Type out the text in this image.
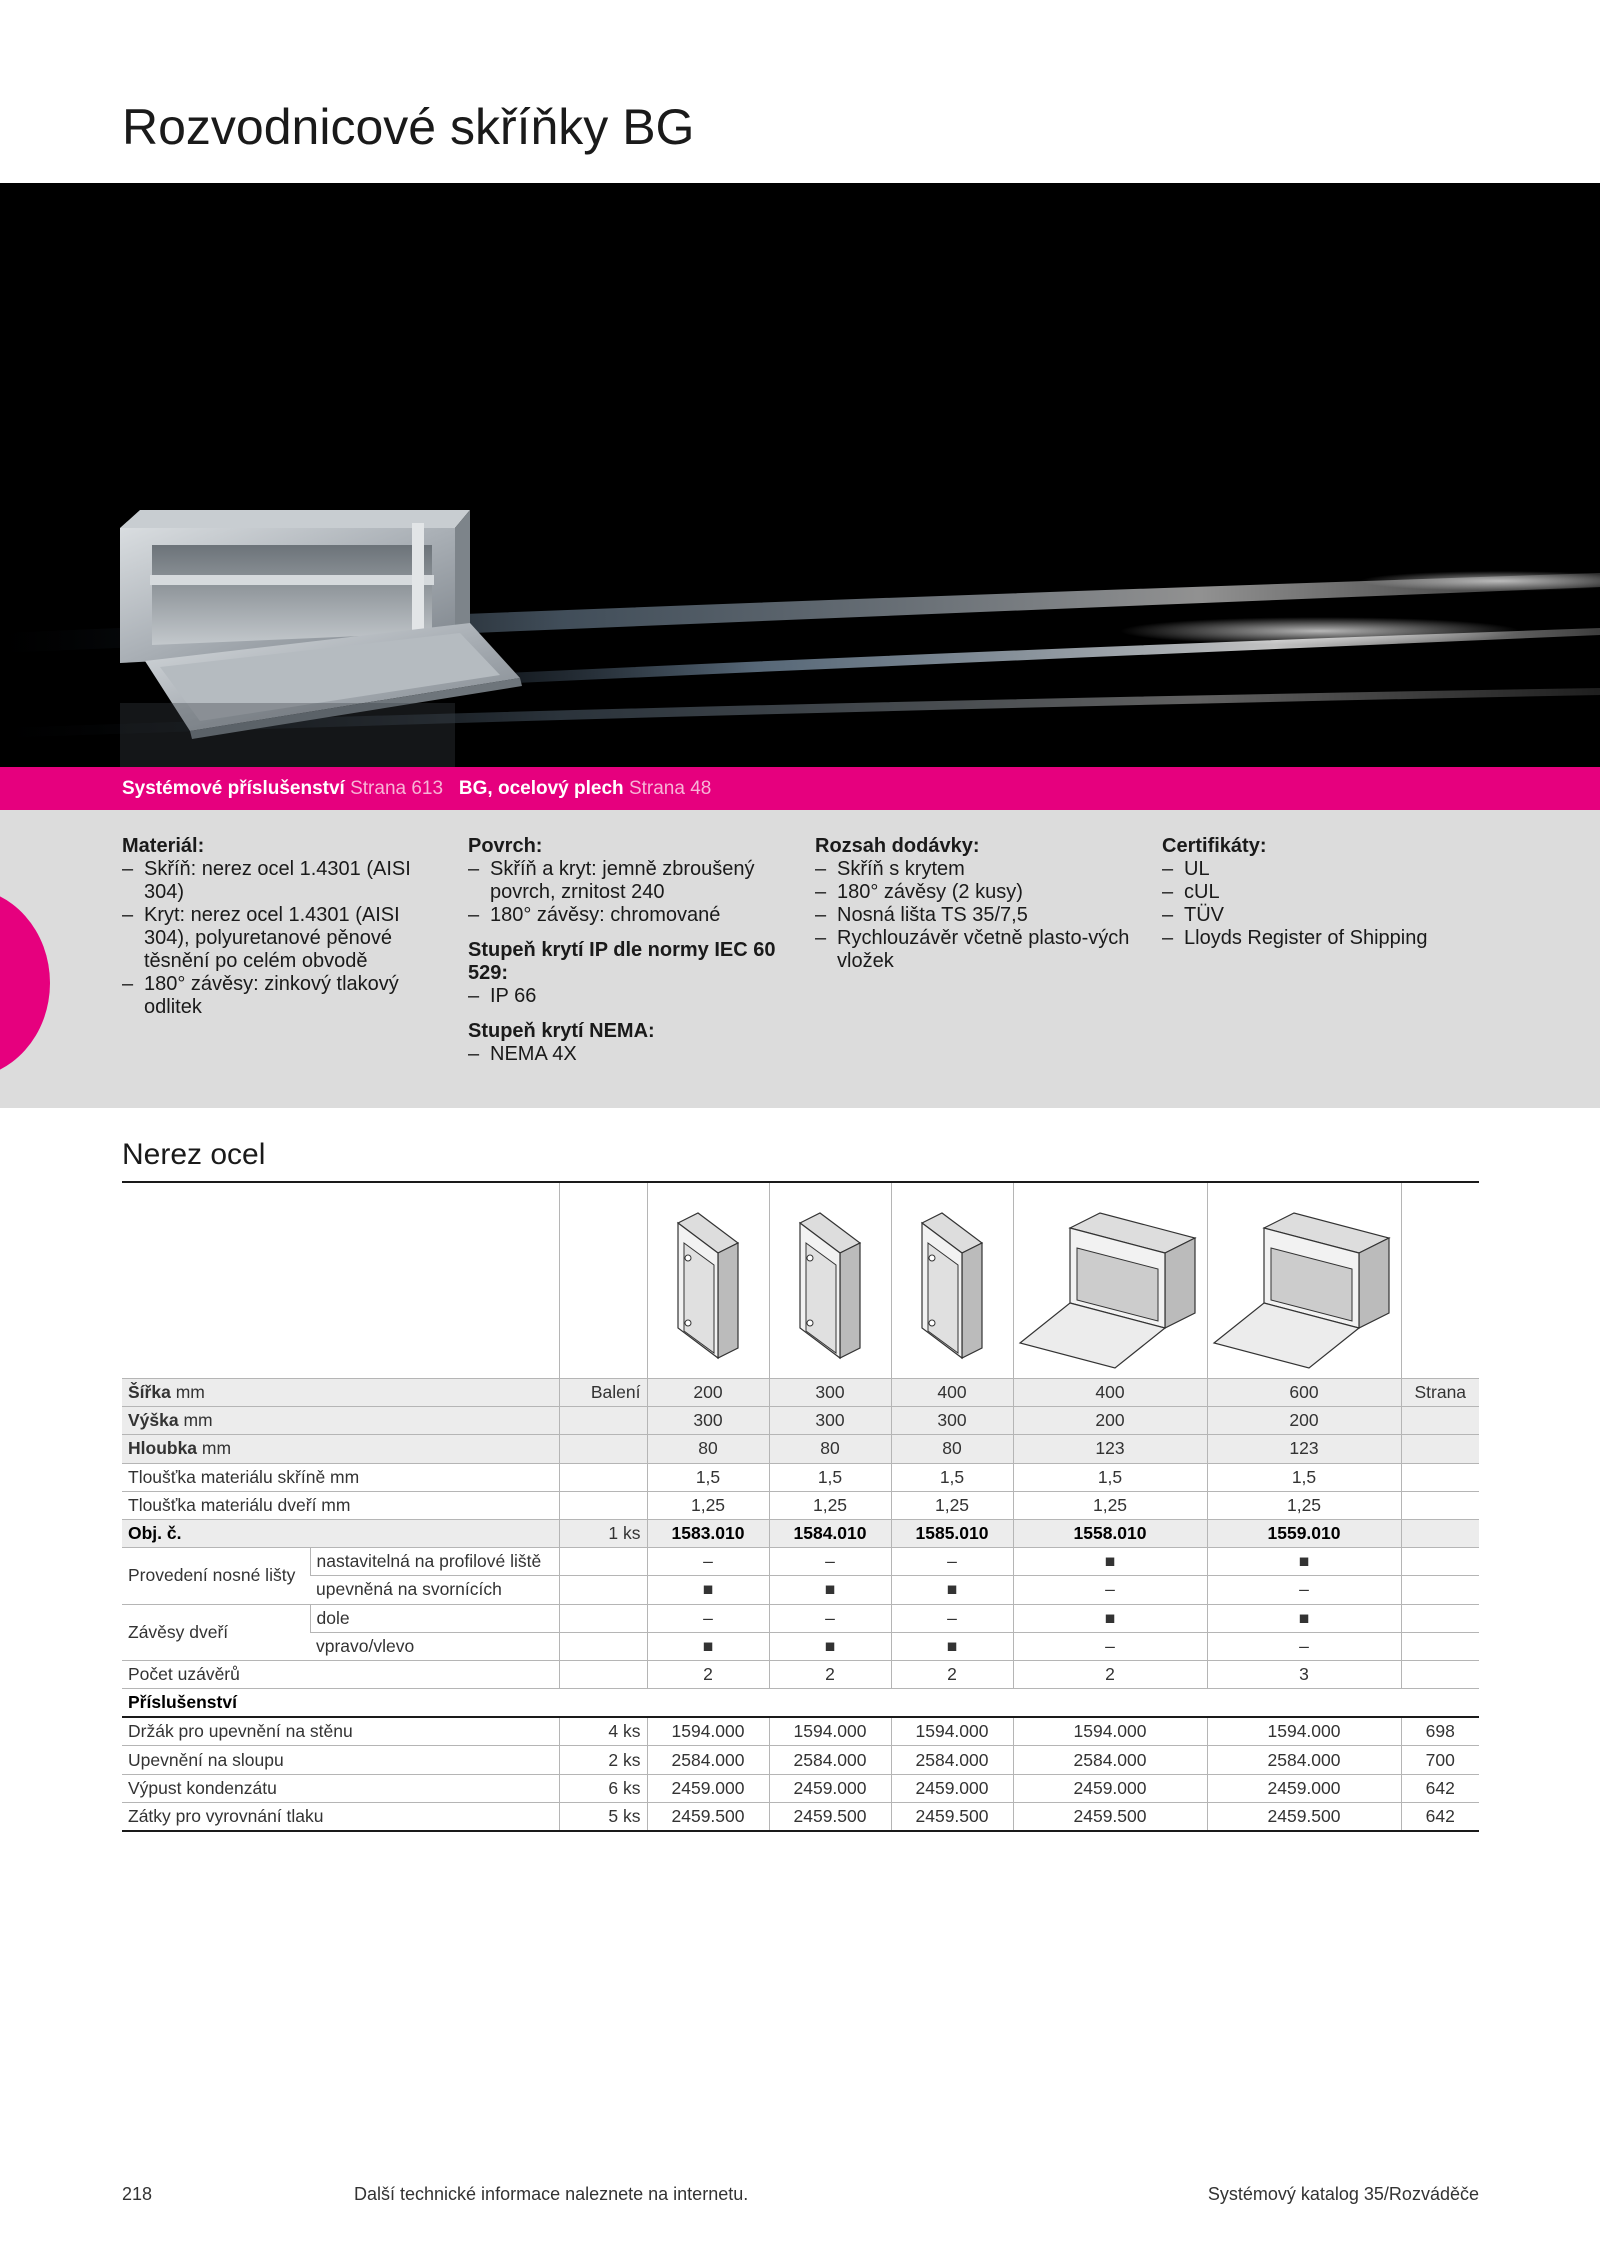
Rozvodnicové skříňky BG
Systémové příslušenství Strana 613 BG, ocelový plech Strana 48
Materiál:
– Skříň: nerez ocel 1.4301 (AISI 304)
– Kryt: nerez ocel 1.4301 (AISI 304), polyuretanové pěnové těsnění po celém obvodě
– 180° závěsy: zinkový tlakový odlitek
Povrch:
– Skříň a kryt: jemně zbroušený povrch, zrnitost 240
– 180° závěsy: chromované
Stupeň krytí IP dle normy IEC 60 529:
– IP 66
Stupeň krytí NEMA:
– NEMA 4X
Rozsah dodávky:
– Skříň s krytem
– 180° závěsy (2 kusy)
– Nosná lišta TS 35/7,5
– Rychlouzávěr včetně plasto-vých vložek
Certifikáty:
– UL
– cUL
– TÜV
– Lloyds Register of Shipping
Nerez ocel

Šířka mm		Balení	200	300	400	400	600	Strana
Výška mm			300	300	300	200	200	
Hloubka mm			80	80	80	123	123	
Tloušťka materiálu skříně mm			1,5	1,5	1,5	1,5	1,5	
Tloušťka materiálu dveří mm			1,25	1,25	1,25	1,25	1,25	
Obj. č.		1 ks	1583.010	1584.010	1585.010	1558.010	1559.010	
Provedení nosné lišty	nastavitelná na profilové liště		–	–	–	■	■	
	upevněná na svornících		■	■	■	–	–	
Závěsy dveří	dole		–	–	–	■	■	
	vpravo/vlevo		■	■	■	–	–	
Počet uzávěrů			2	2	2	2	3	
Příslušenství								
Držák pro upevnění na stěnu		4 ks	1594.000	1594.000	1594.000	1594.000	1594.000	698
Upevnění na sloupu		2 ks	2584.000	2584.000	2584.000	2584.000	2584.000	700
Výpust kondenzátu		6 ks	2459.000	2459.000	2459.000	2459.000	2459.000	642
Zátky pro vyrovnání tlaku		5 ks	2459.500	2459.500	2459.500	2459.500	2459.500	642
218	Další technické informace naleznete na internetu.	Systémový katalog 35/Rozváděče
